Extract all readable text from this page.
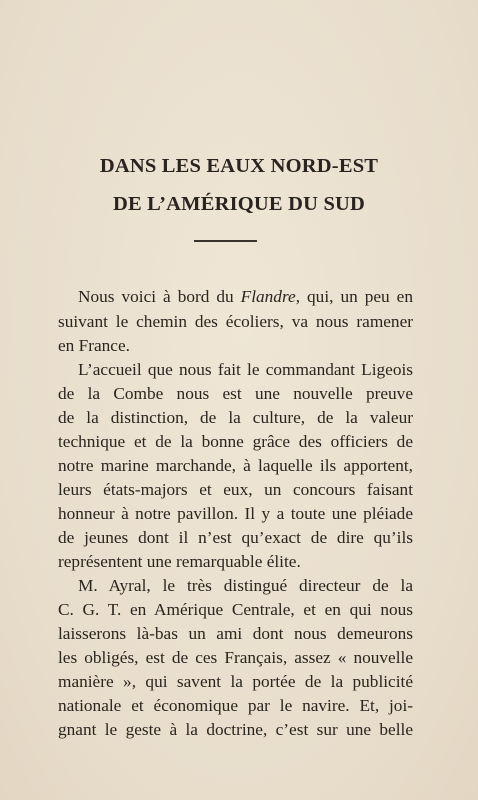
DANS LES EAUX NORD-EST
DE L’AMÉRIQUE DU SUD
Nous voici à bord du Flandre, qui, un peu en
suivant le chemin des écoliers, va nous ramener
en France.
L’accueil que nous fait le commandant Ligeois
de la Combe nous est une nouvelle preuve
de la distinction, de la culture, de la valeur
technique et de la bonne grâce des officiers de
notre marine marchande, à laquelle ils apportent,
leurs états-majors et eux, un concours faisant
honneur à notre pavillon. Il y a toute une pléiade
de jeunes dont il n’est qu’exact de dire qu’ils
représentent une remarquable élite.
M. Ayral, le très distingué directeur de la
C. G. T. en Amérique Centrale, et en qui nous
laisserons là-bas un ami dont nous demeurons
les obligés, est de ces Français, assez « nouvelle
manière », qui savent la portée de la publicité
nationale et économique par le navire. Et, joi-
gnant le geste à la doctrine, c’est sur une belle
